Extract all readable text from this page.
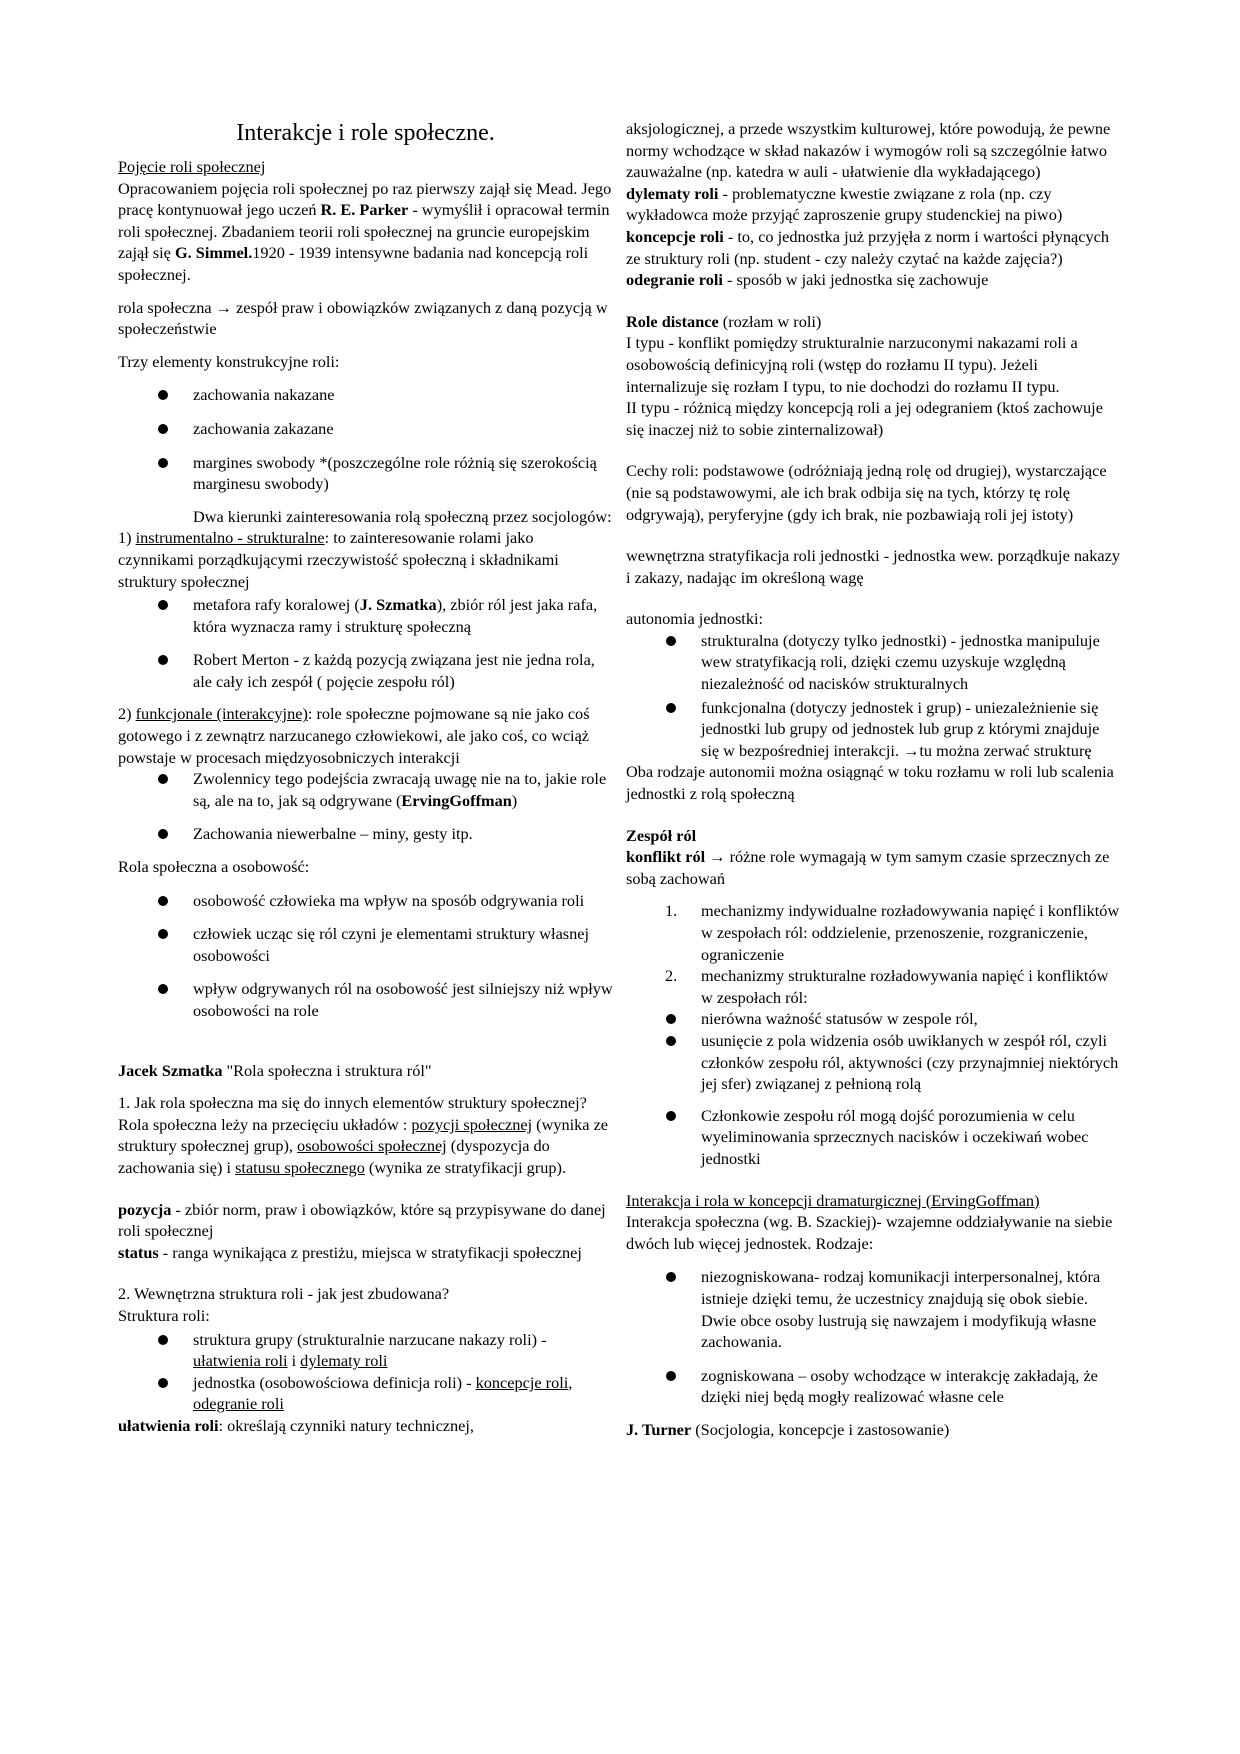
Interakcje i role społeczne.

Pojęcie roli społecznej

Opracowaniem pojęcia roli społecznej po raz pierwszy zajął się Mead. Jego pracę kontynuował jego uczeń R. E. Parker - wymyślił i opracował termin roli społecznej. Zbadaniem teorii roli społecznej na gruncie europejskim zajął się G. Simmel.1920 - 1939 intensywne badania nad koncepcją roli społecznej.

rola społeczna → zespół praw i obowiązków związanych z daną pozycją w społeczeństwie

Trzy elementy konstrukcyjne roli:

zachowania nakazane
zachowania zakazane
margines swobody *(poszczególne role różnią się szerokością marginesu swobody)

Dwa kierunki zainteresowania rolą społeczną przez socjologów:

1) instrumentalno - strukturalne: to zainteresowanie rolami jako czynnikami porządkującymi rzeczywistość społeczną i składnikami struktury społecznej

metafora rafy koralowej (J. Szmatka), zbiór ról jest jaka rafa, która wyznacza ramy i strukturę społeczną
Robert Merton - z każdą pozycją związana jest nie jedna rola, ale cały ich zespół ( pojęcie zespołu ról)

2) funkcjonale (interakcyjne): role społeczne pojmowane są nie jako coś gotowego i z zewnątrz narzucanego człowiekowi, ale jako coś, co wciąż powstaje w procesach międzyosobniczych interakcji

Zwolennicy tego podejścia zwracają uwagę nie na to, jakie role są, ale na to, jak są odgrywane (ErvingGoffman)
Zachowania niewerbalne – miny, gesty itp.

Rola społeczna a osobowość:

osobowość człowieka ma wpływ na sposób odgrywania roli
człowiek ucząc się ról czyni je elementami struktury własnej osobowości
wpływ odgrywanych ról na osobowość jest silniejszy niż wpływ osobowości na role

Jacek Szmatka "Rola społeczna i struktura ról"

1. Jak rola społeczna ma się do innych elementów struktury społecznej?

Rola społeczna leży na przecięciu układów : pozycji społecznej (wynika ze struktury społecznej grup), osobowości społecznej (dyspozycja do zachowania się) i statusu społecznego (wynika ze stratyfikacji grup).

pozycja - zbiór norm, praw i obowiązków, które są przypisywane do danej roli społecznej

status - ranga wynikająca z prestiżu, miejsca w stratyfikacji społecznej

2. Wewnętrzna struktura roli - jak jest zbudowana?

Struktura roli:

struktura grupy (strukturalnie narzucane nakazy roli) - ułatwienia roli i dylematy roli
jednostka (osobowościowa definicja roli) - koncepcje roli, odegranie roli

ułatwienia roli: określają czynniki natury technicznej,

aksjologicznej, a przede wszystkim kulturowej, które powodują, że pewne normy wchodzące w skład nakazów i wymogów roli są szczególnie łatwo zauważalne (np. katedra w auli - ułatwienie dla wykładającego)

dylematy roli - problematyczne kwestie związane z rola (np. czy wykładowca może przyjąć zaproszenie grupy studenckiej na piwo)

koncepcje roli - to, co jednostka już przyjęła z norm i wartości płynących ze struktury roli (np. student - czy należy czytać na każde zajęcia?)

odegranie roli - sposób w jaki jednostka się zachowuje

Role distance (rozłam w roli)

I typu - konflikt pomiędzy strukturalnie narzuconymi nakazami roli a osobowością definicyjną roli (wstęp do rozłamu II typu). Jeżeli internalizuje się rozłam I typu, to nie dochodzi do rozłamu II typu.

II typu - różnicą między koncepcją roli a jej odegraniem (ktoś zachowuje się inaczej niż to sobie zinternalizował)

Cechy roli: podstawowe (odróżniają jedną rolę od drugiej), wystarczające (nie są podstawowymi, ale ich brak odbija się na tych, którzy tę rolę odgrywają), peryferyjne (gdy ich brak, nie pozbawiają roli jej istoty)

wewnętrzna stratyfikacja roli jednostki - jednostka wew. porządkuje nakazy i zakazy, nadając im określoną wagę

autonomia jednostki:

strukturalna (dotyczy tylko jednostki) - jednostka manipuluje wew stratyfikacją roli, dzięki czemu uzyskuje względną niezależność od nacisków strukturalnych
funkcjonalna (dotyczy jednostek i grup) - uniezależnienie się jednostki lub grupy od jednostek lub grup z którymi znajduje się w bezpośredniej interakcji. →tu można zerwać strukturę

Oba rodzaje autonomii można osiągnąć w toku rozłamu w roli lub scalenia jednostki z rolą społeczną

Zespół ról

konflikt ról → różne role wymagają w tym samym czasie sprzecznych ze sobą zachowań

1. mechanizmy indywidualne rozładowywania napięć i konfliktów w zespołach ról: oddzielenie, przenoszenie, rozgraniczenie, ograniczenie
2. mechanizmy strukturalne rozładowywania napięć i konfliktów w zespołach ról:
nierówna ważność statusów w zespole ról,
usunięcie z pola widzenia osób uwikłanych w zespół ról, czyli członków zespołu ról, aktywności (czy przynajmniej niektórych jej sfer) związanej z pełnioną rolą
Członkowie zespołu ról mogą dojść porozumienia w celu wyeliminowania sprzecznych nacisków i oczekiwań wobec jednostki

Interakcja i rola w koncepcji dramaturgicznej (ErvingGoffman)

Interakcja społeczna (wg. B. Szackiej)- wzajemne oddziaływanie na siebie dwóch lub więcej jednostek. Rodzaje:

niezogniskowana- rodzaj komunikacji interpersonalnej, która istnieje dzięki temu, że uczestnicy znajdują się obok siebie. Dwie obce osoby lustrują się nawzajem i modyfikują własne zachowania.
zogniskowana – osoby wchodzące w interakcję zakładają, że dzięki niej będą mogły realizować własne cele

J. Turner (Socjologia, koncepcje i zastosowanie)
